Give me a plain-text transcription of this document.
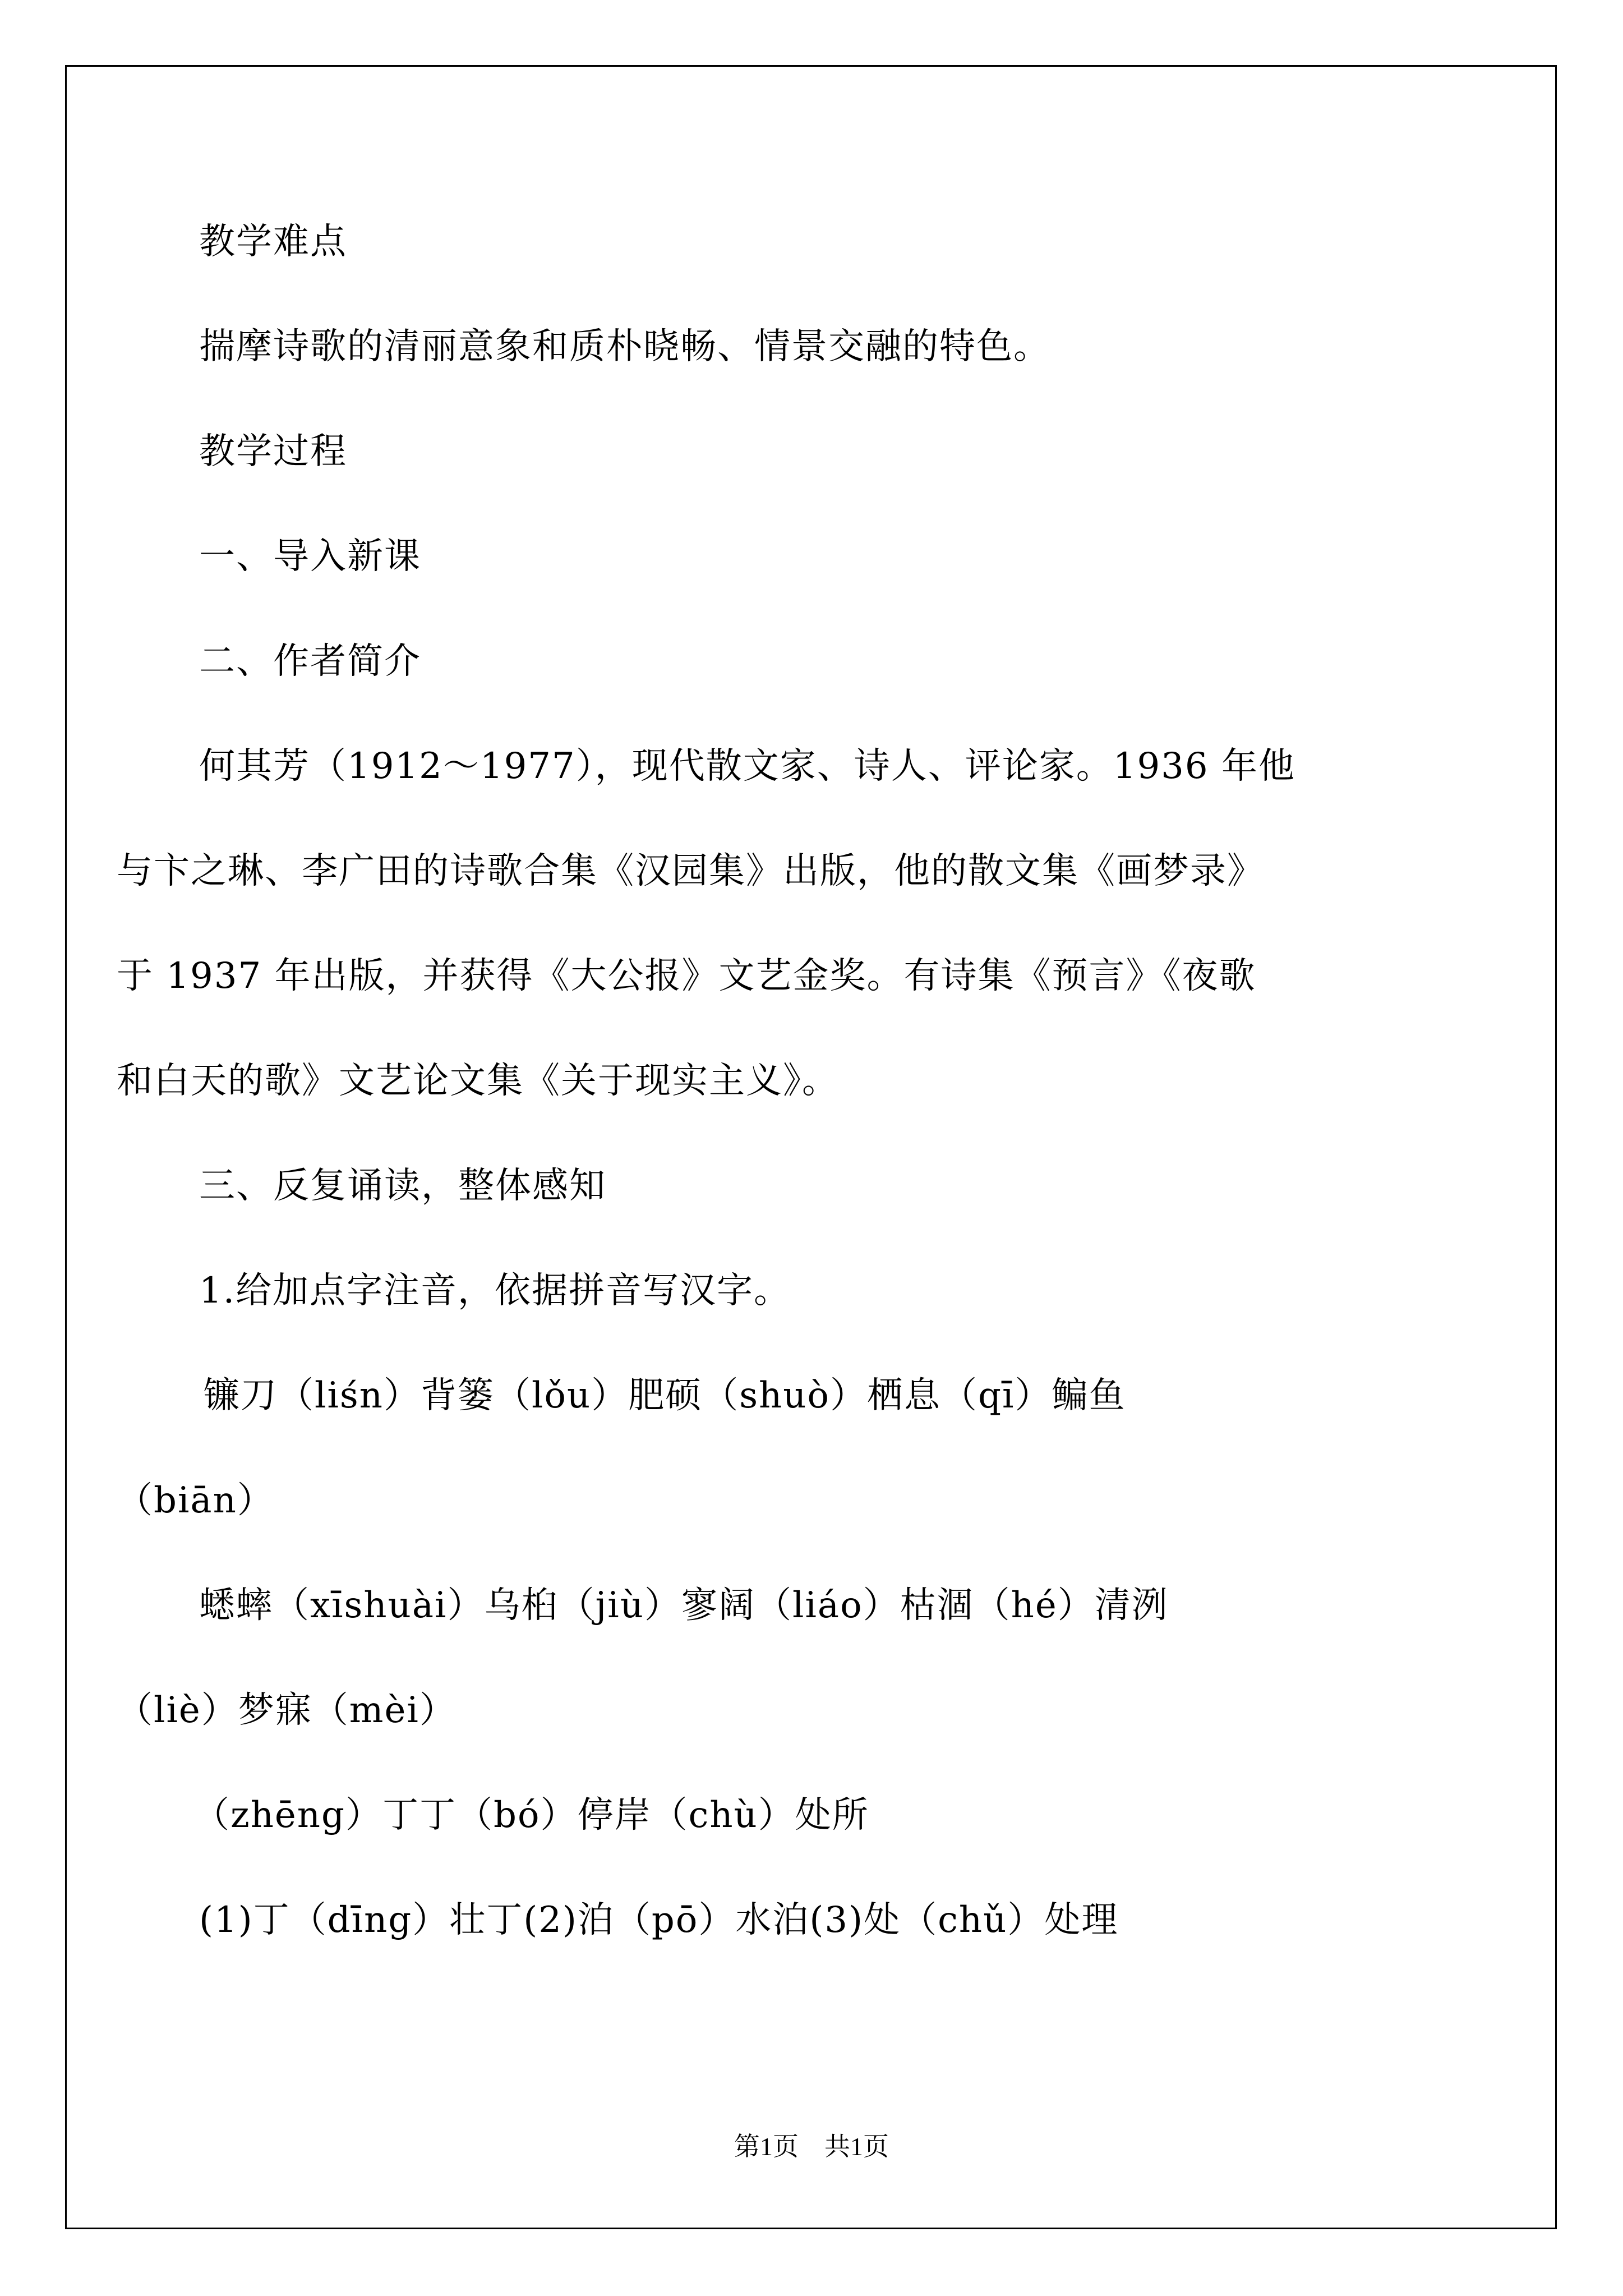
教学难点
揣摩诗歌的清丽意象和质朴晓畅、情景交融的特色。
教学过程
一、导入新课
二、作者简介
何其芳（1912～1977），现代散文家、诗人、评论家。1936 年他
与卞之琳、李广田的诗歌合集《汉园集》出版，他的散文集《画梦录》
于 1937 年出版，并获得《大公报》文艺金奖。有诗集《预言》《夜歌
和白天的歌》文艺论文集《关于现实主义》。
三、反复诵读，整体感知
1.给加点字注音，依据拼音写汉字。
镰刀（liśn）背篓（lǒu）肥硕（shuò）栖息（qī）鳊鱼
（biān）
蟋蟀（xīshuài）乌桕（jiù）寥阔（liáo）枯涸（hé）清洌
（liè）梦寐（mèi）
（zhēng）丁丁（bó）停岸（chù）处所
(1)丁（dīng）壮丁(2)泊（pō）水泊(3)处（chǔ）处理
第1页　共1页
